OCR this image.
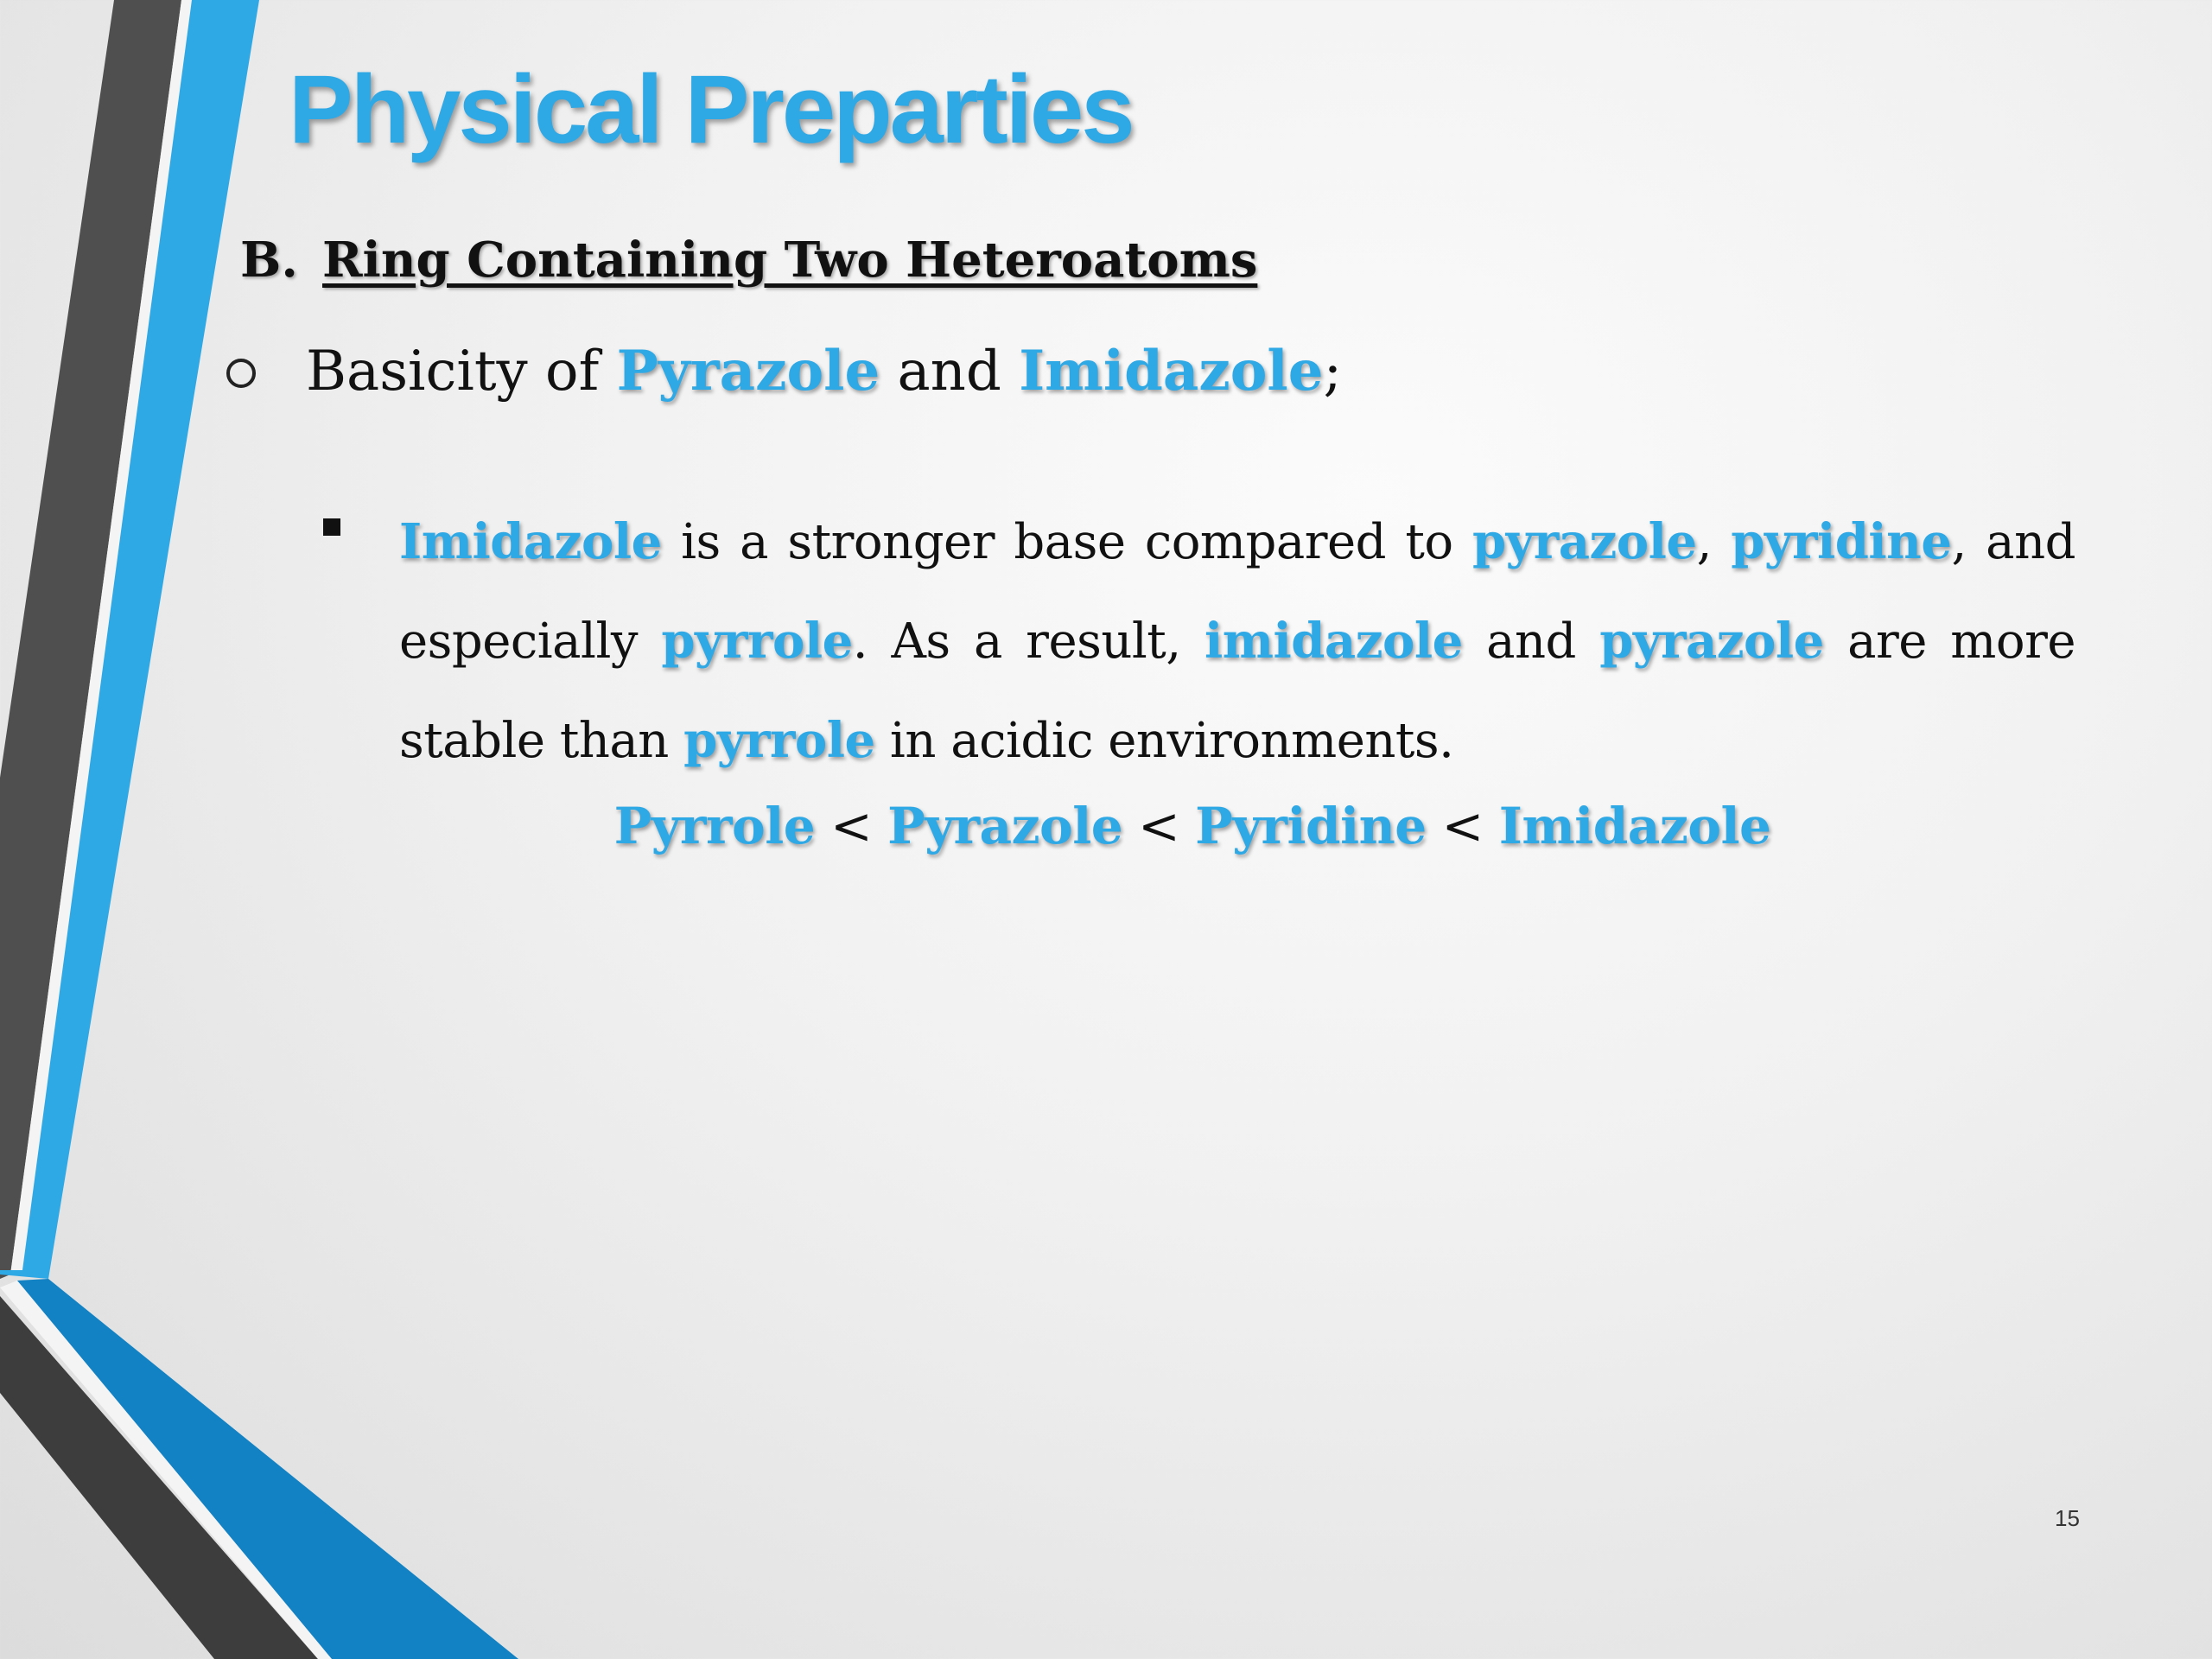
Physical Preparties
B. Ring Containing Two Heteroatoms
Basicity of Pyrazole and Imidazole;

Imidazole is a stronger base compared to pyrazole, pyridine, and especially pyrrole. As a result, imidazole and pyrazole are more stable than pyrrole in acidic environments.

Pyrrole < Pyrazole < Pyridine < Imidazole
15
